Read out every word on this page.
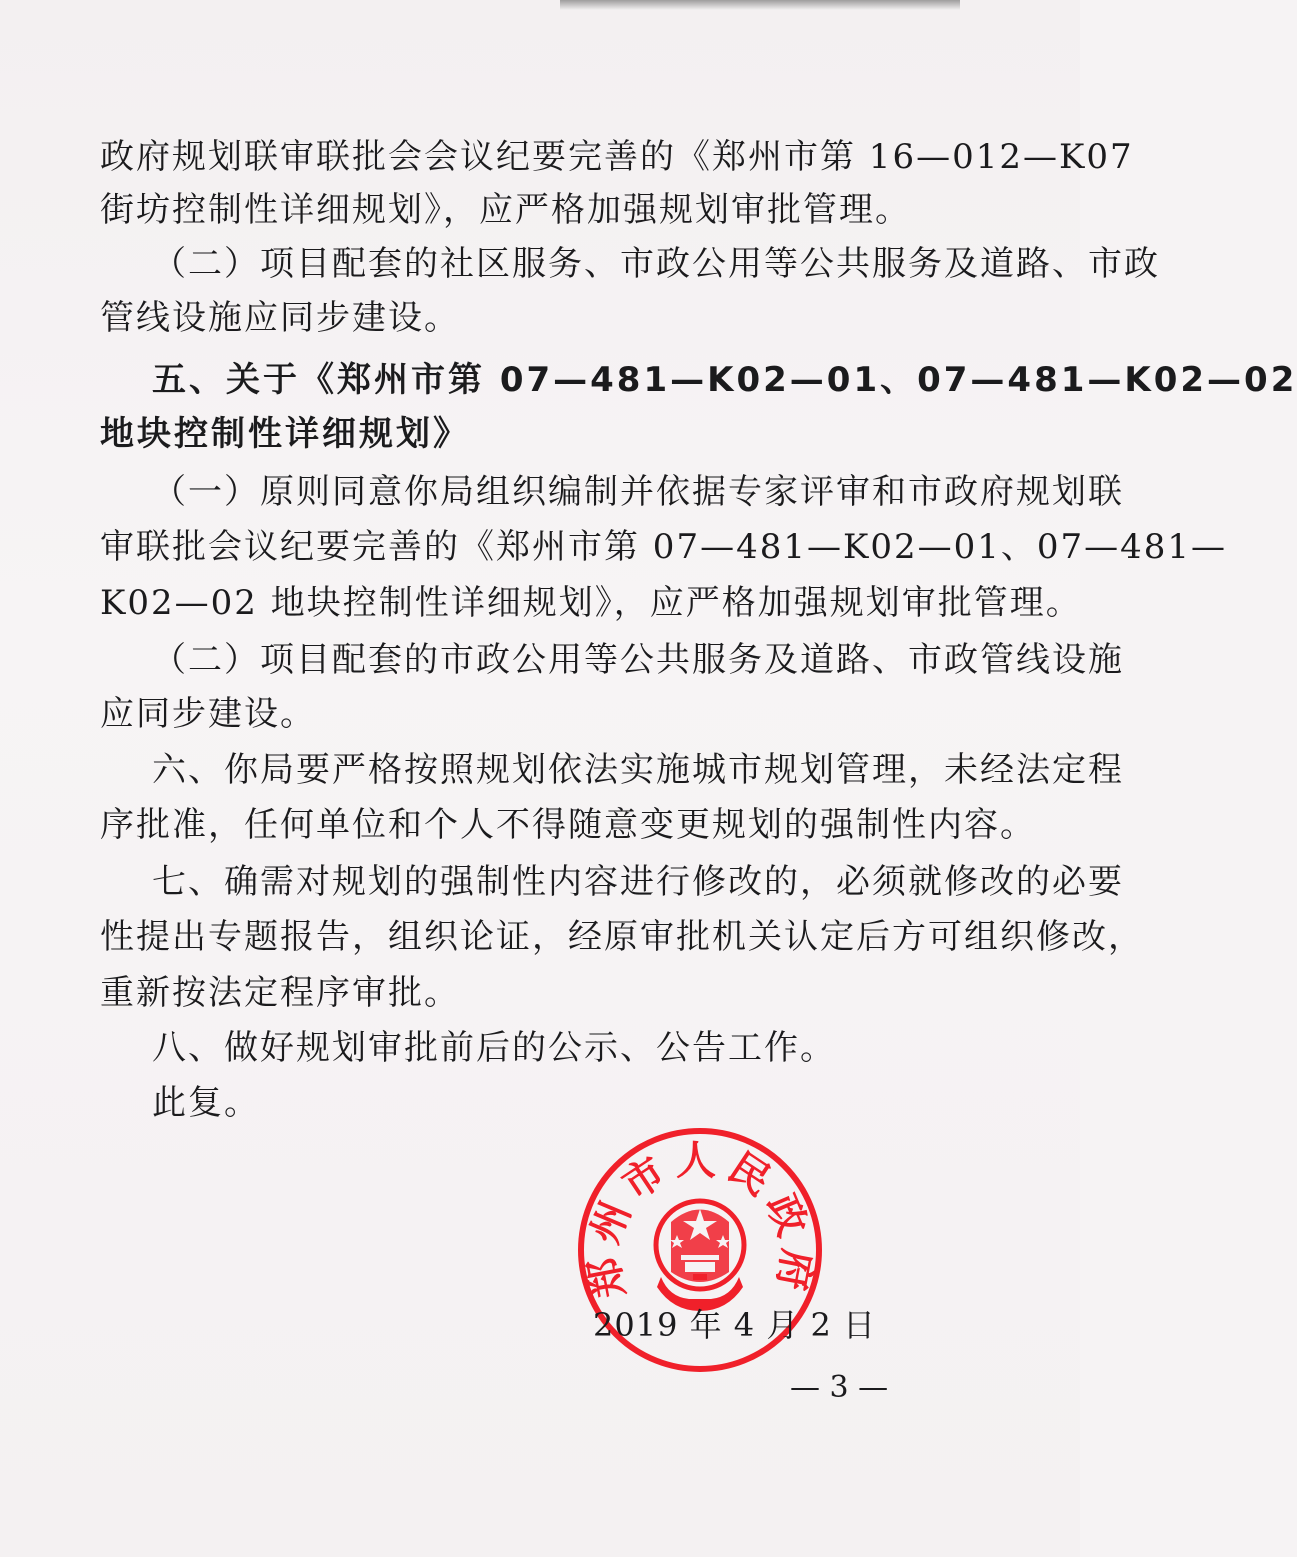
政府规划联审联批会会议纪要完善的《郑州市第 16—012—K07
街坊控制性详细规划》，应严格加强规划审批管理。
（二）项目配套的社区服务、市政公用等公共服务及道路、市政
管线设施应同步建设。
五、关于《郑州市第 07—481—K02—01、07—481—K02—02
地块控制性详细规划》
（一）原则同意你局组织编制并依据专家评审和市政府规划联
审联批会议纪要完善的《郑州市第 07—481—K02—01、07—481—
K02—02 地块控制性详细规划》，应严格加强规划审批管理。
（二）项目配套的市政公用等公共服务及道路、市政管线设施
应同步建设。
六、你局要严格按照规划依法实施城市规划管理，未经法定程
序批准，任何单位和个人不得随意变更规划的强制性内容。
七、确需对规划的强制性内容进行修改的，必须就修改的必要
性提出专题报告，组织论证，经原审批机关认定后方可组织修改，
重新按法定程序审批。
八、做好规划审批前后的公示、公告工作。
此复。
郑州市人民政府
2019 年 4 月 2 日
— 3 —
